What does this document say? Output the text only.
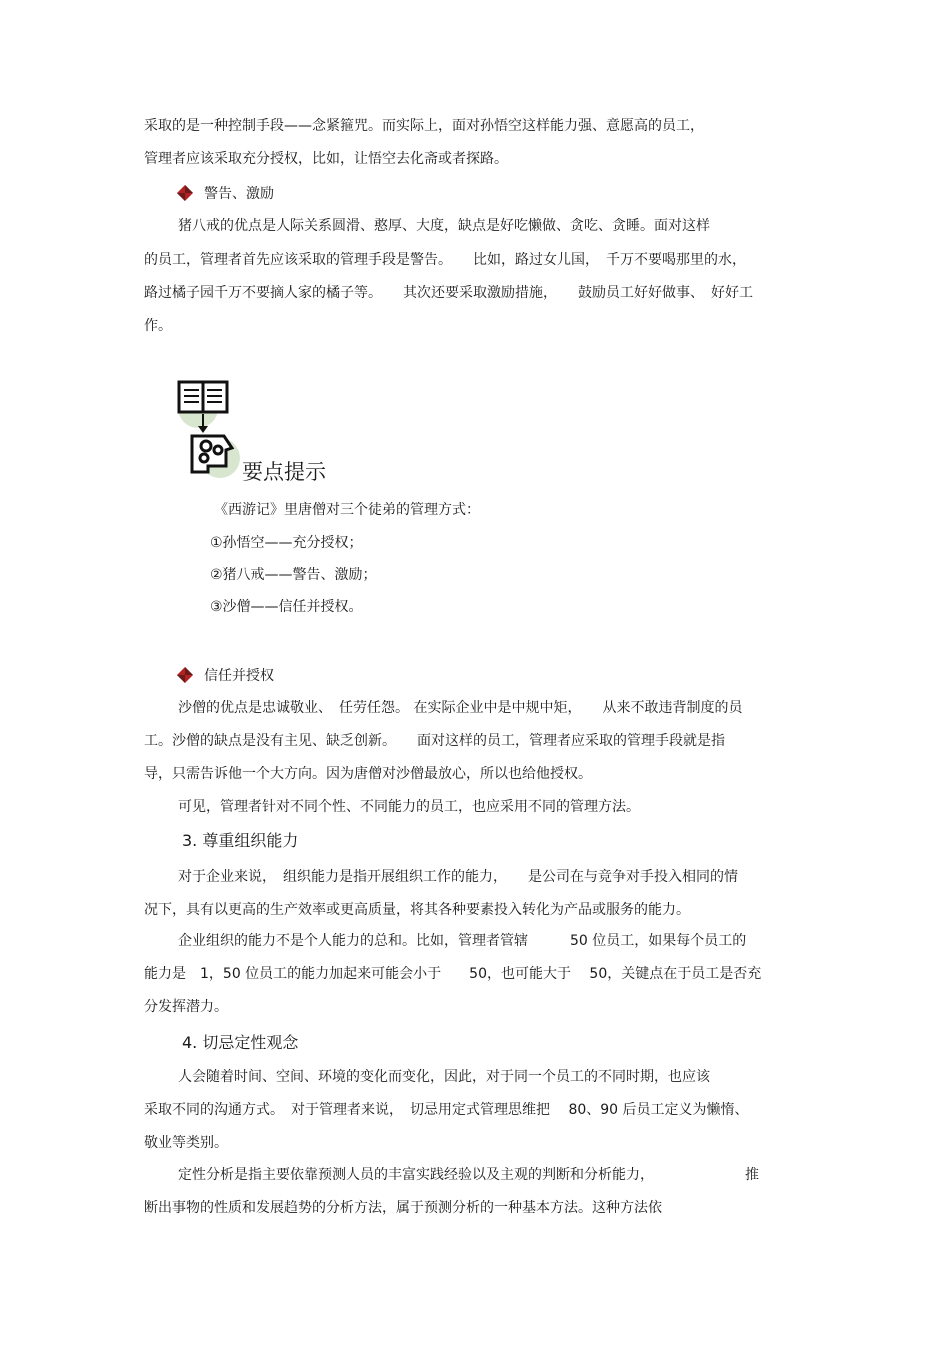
采取的是一种控制手段——念紧箍咒。而实际上，面对孙悟空这样能力强、意愿高的员工，
管理者应该采取充分授权，比如，让悟空去化斋或者探路。
警告、激励
猪八戒的优点是人际关系圆滑、憨厚、大度，缺点是好吃懒做、贪吃、贪睡。面对这样
的员工，管理者首先应该采取的管理手段是警告。　　比如，路过女儿国，　千万不要喝那里的水，
路过橘子园千万不要摘人家的橘子等。　　其次还要采取激励措施，　　鼓励员工好好做事、　好好工
作。
要点提示
《西游记》里唐僧对三个徒弟的管理方式：
①孙悟空——充分授权；
②猪八戒——警告、激励；
③沙僧——信任并授权。
信任并授权
沙僧的优点是忠诚敬业、　任劳任怨。 在实际企业中是中规中矩，　　从来不敢违背制度的员
工。沙僧的缺点是没有主见、缺乏创新。　　面对这样的员工，管理者应采取的管理手段就是指
导，只需告诉他一个大方向。因为唐僧对沙僧最放心，所以也给他授权。
可见，管理者针对不同个性、不同能力的员工，也应采用不同的管理方法。
3. 尊重组织能力
对于企业来说，　组织能力是指开展组织工作的能力，　　是公司在与竞争对手投入相同的情
况下，具有以更高的生产效率或更高质量，将其各种要素投入转化为产品或服务的能力。
企业组织的能力不是个人能力的总和。比如，管理者管辖　　　50 位员工，如果每个员工的
能力是　1，50 位员工的能力加起来可能会小于　　50，也可能大于　 50，关键点在于员工是否充
分发挥潜力。
4. 切忌定性观念
人会随着时间、空间、环境的变化而变化，因此，对于同一个员工的不同时期，也应该
采取不同的沟通方式。　对于管理者来说，　切忌用定式管理思维把　 80、90 后员工定义为懒惰、
敬业等类别。
定性分析是指主要依靠预测人员的丰富实践经验以及主观的判断和分析能力，　　　　　　　推
断出事物的性质和发展趋势的分析方法，属于预测分析的一种基本方法。这种方法依
